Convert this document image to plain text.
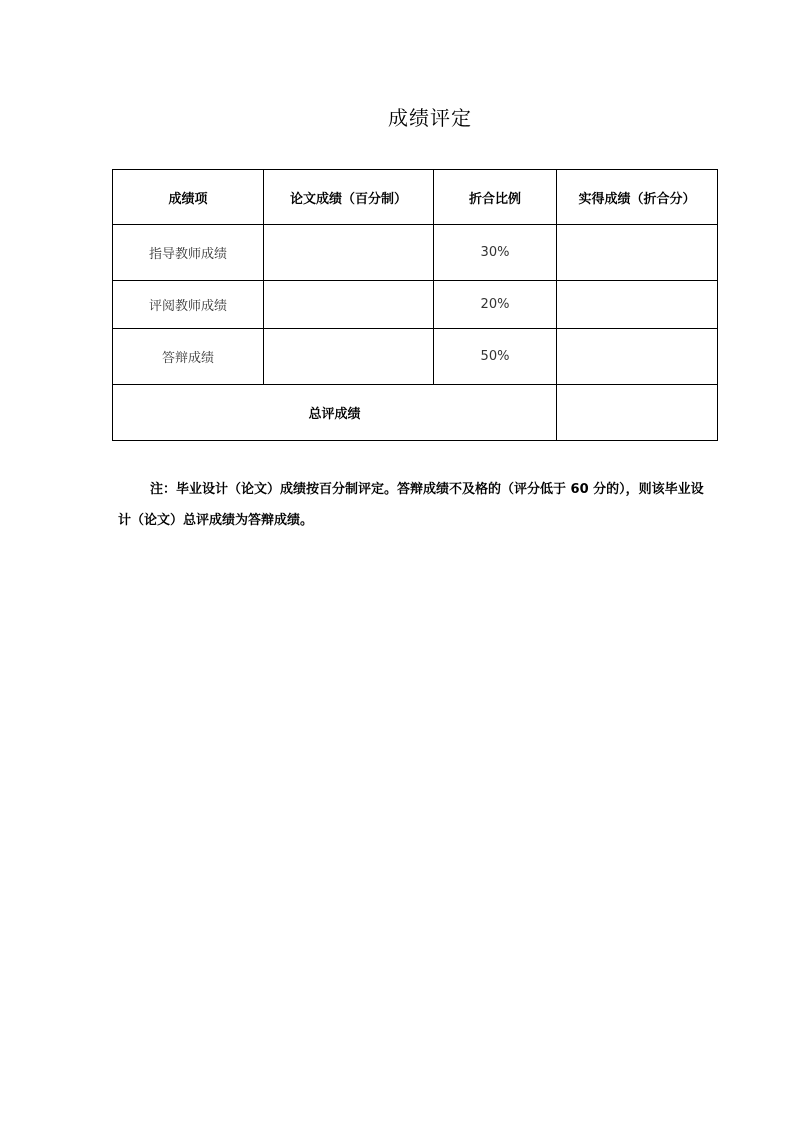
成绩评定
成绩项	论文成绩（百分制）	折合比例	实得成绩（折合分）
指导教师成绩		30%	
评阅教师成绩		20%	
答辩成绩		50%	
总评成绩			

注：毕业设计（论文）成绩按百分制评定。答辩成绩不及格的（评分低于 60 分的），则该毕业设计（论文）总评成绩为答辩成绩。
